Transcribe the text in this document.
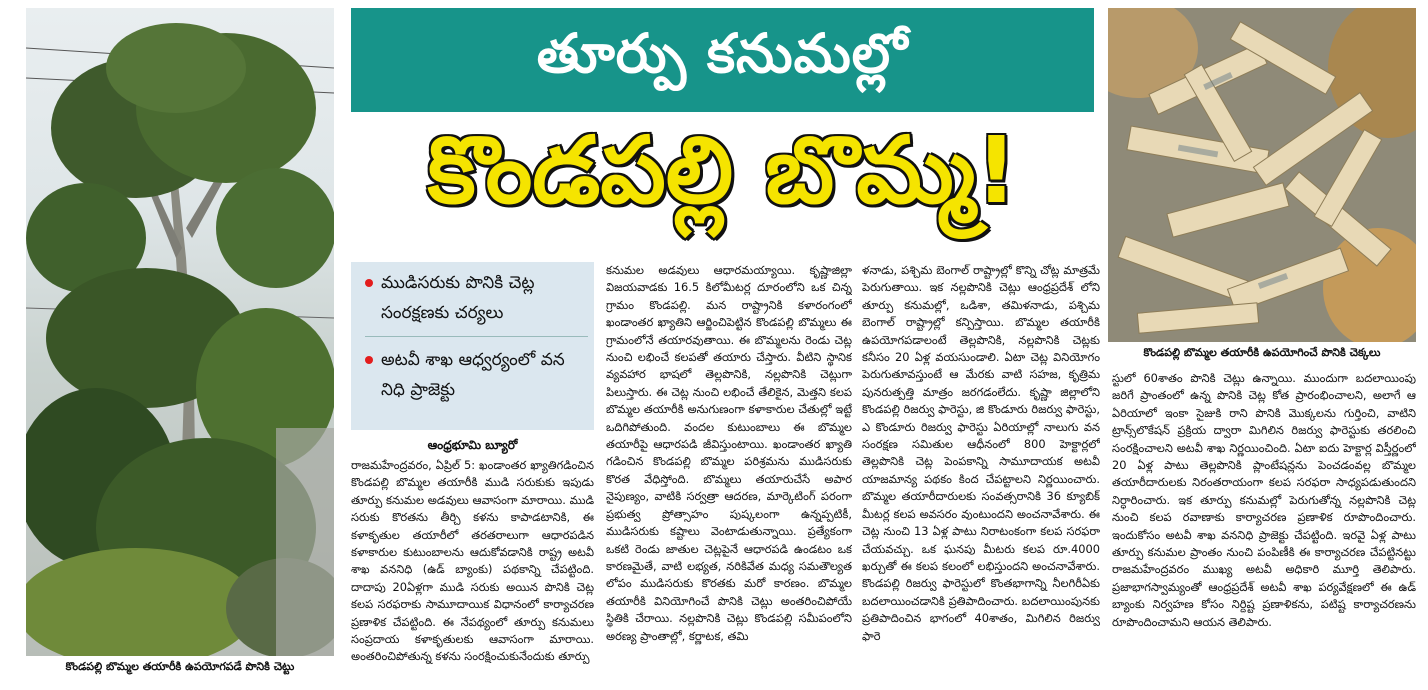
కొండపల్లి బొమ్మల తయారీకి ఉపయోగపడే పొనికి చెట్టు
తూర్పు కనుమల్లో
కొండపల్లి బొమ్మ!
కొండపల్లి బొమ్మల తయారీకి ఉపయోగించే పొనికి చెక్కలు
ముడిసరుకు పొనికి చెట్ల సంరక్షణకు చర్యలు
అటవీ శాఖ ఆధ్వర్యంలో వన నిధి ప్రాజెక్టు
ఆంధ్రభూమి బ్యూరో
రాజమహేంద్రవరం, ఏప్రిల్ 5: ఖండాంతర ఖ్యాతిగడించిన కొండపల్లి బొమ్మల తయారీకి ముడి సరుకుకు ఇపుడు తూర్పు కనుమల అడవులు ఆవాసంగా మారాయి. ముడి సరుకు కొరతను తీర్చి కళను కాపాడటానికి, ఈ కళాకృతుల తయారీలో తరతరాలుగా ఆధారపడిన కళాకారుల కుటుంబాలను ఆదుకోవడానికి రాష్ట్ర అటవీ శాఖ వననిధి (ఉడ్ బ్యాంకు) పథకాన్ని చేపట్టింది. దాదాపు 20ఏళ్లగా ముడి సరుకు అయిన పొనికి చెట్ల కలప సరఫరాకు సామూదాయిక విధానంలో కార్యాచరణ ప్రణాళిక చేపట్టింది. ఈ నేపథ్యంలో తూర్పు కనుమలు సంప్రదాయ కళాకృతులకు ఆవాసంగా మారాయి. అంతరించిపోతున్న కళను సంరక్షించుకునేందుకు తూర్పు
కనుమల అడవులు ఆధారమయ్యాయి. కృష్ణాజిల్లా విజయవాడకు 16.5 కిలోమీటర్ల దూరంలోని ఒక చిన్న గ్రామం కొండపల్లి. మన రాష్ట్రానికి కళారంగంలో ఖండాంతర ఖ్యాతిని ఆర్జించిపెట్టిన కొండపల్లి బొమ్మలు ఈ గ్రామంలోనే తయారవుతాయి. ఈ బొమ్మలను రెండు చెట్ల నుంచి లభించే కలపతో తయారు చేస్తారు. వీటిని స్థానిక వ్యవహార భాషలో తెల్లపొనికి, నల్లపొనికి చెట్లుగా పిలుస్తారు. ఈ చెట్ల నుంచి లభించే తేలికైన, మెత్తని కలప బొమ్మల తయారీకి అనుగుణంగా కళాకారుల చేతుల్లో ఇట్టే ఒదిగిపోతుంది. వందల కుటుంబాలు ఈ బొమ్మల తయారీపై ఆధారపడి జీవిస్తుంటాయి. ఖండాంతర ఖ్యాతి గడించిన కొండపల్లి బొమ్మల పరిశ్రమను ముడిసరుకు కొరత వేధిస్తోంది. బొమ్మలు తయారుచేసే అపార నైపుణ్యం, వాటికి సర్వత్రా ఆదరణ, మార్కెటింగ్ పరంగా ప్రభుత్వ ప్రోత్సాహం పుష్కలంగా ఉన్నప్పటికీ, ముడిసరుకు కష్టాలు వెంటాడుతున్నాయి. ప్రత్యేకంగా ఒకటి రెండు జాతుల చెట్లపైనే ఆధారపడి ఉండటం ఒక కారణమైతే, వాటి లభ్యత, నరికివేత మధ్య సమతౌల్యత లోపం ముడిసరుకు కొరతకు మరో కారణం. బొమ్మల తయారీకి వినియోగించే పొనికి చెట్లు అంతరించిపోయే స్థితికి చేరాయి. నల్లపొనికి చెట్లు కొండపల్లి సమీపంలోని అరణ్య ప్రాంతాల్లో, కర్ణాటక, తమి
ళనాడు, పశ్చిమ బెంగాల్ రాష్ట్రాల్లో కొన్ని చోట్ల మాత్రమే పెరుగుతాయి. ఇక నల్లపొనికి చెట్లు ఆంధ్రప్రదేశ్ లోని తూర్పు కనుమల్లో, ఒడిశా, తమిళనాడు, పశ్చిమ బెంగాల్ రాష్ట్రాల్లో కన్పిస్తాయి. బొమ్మల తయారీకి ఉపయోగపడాలంటే తెల్లపొనికి, నల్లపొనికి చెట్లకు కనీసం 20 ఏళ్ల వయసుండాలి. ఏటా చెట్ల వినియోగం పెరుగుతూవస్తుంటే ఆ మేరకు వాటి సహజ, కృత్రిమ పునరుత్పత్తి మాత్రం జరగడంలేదు. కృష్ణా జిల్లాలోని కొండపల్లి రిజర్వు ఫారెస్టు, జి కొండూరు రిజర్వు ఫారెస్టు, ఎ కొండూరు రిజర్వు ఫారెస్టు ఏరియాల్లో నాలుగు వన సంరక్షణ సమితుల ఆధీనంలో 800 హెక్టార్లలో తెల్లపొనికి చెట్ల పెంపకాన్ని సామూదాయక అటవీ యాజమాన్య పథకం కింద చేపట్టాలని నిర్ణయించారు. బొమ్మల తయారీదారులకు సంవత్సరానికి 36 క్యూబిక్ మీటర్ల కలప అవసరం వుంటుందని అంచనావేశారు. ఈ చెట్ల నుంచి 13 ఏళ్ల పాటు నిరాటంకంగా కలప సరఫరా చేయవచ్చు. ఒక ఘనపు మీటరు కలప రూ.4000 ఖర్చుతో ఈ కలప కలంలో లభిస్తుందని అంచనావేశారు. కొండపల్లి రిజర్వు ఫారెస్టులో కొంతభాగాన్ని నీలగిరీఏకు బదలాయించడానికి ప్రతిపాదించారు. బదలాయింపునకు ప్రతిపాదించిన భాగంలో 40శాతం, మిగిలిన రిజర్వు ఫారె
స్టులో 60శాతం పొనికి చెట్లు ఉన్నాయి. ముందుగా బదలాయింపు జరిగే ప్రాంతంలో ఉన్న పొనికి చెట్ల కోత ప్రారంభించాలని, అలాగే ఆ ఏరియాలో ఇంకా సైజుకి రాని పొనికి మొక్కలను గుర్తించి, వాటిని ట్రాన్స్‌లొకేషన్ ప్రక్రియ ద్వారా మిగిలిన రిజర్వు ఫారెస్టుకు తరలించి సంరక్షించాలని అటవీ శాఖ నిర్ణయించింది. ఏటా ఐదు హెక్టార్ల విస్తీర్ణంలో 20 ఏళ్ల పాటు తెల్లపొనికి ప్లాంటేషన్లను పెంచడంవల్ల బొమ్మల తయారీదారులకు నిరంతరాయంగా కలప సరఫరా సాధ్యపడుతుందని నిర్ధారించారు. ఇక తూర్పు కనుమల్లో పెరుగుతోన్న నల్లపొనికి చెట్ల నుంచి కలప రవాణాకు కార్యాచరణ ప్రణాళిక రూపొందించారు. ఇందుకోసం అటవీ శాఖ వననిధి ప్రాజెక్టు చేపట్టింది. ఇరవై ఏళ్ల పాటు తూర్పు కనుమల ప్రాంతం నుంచి పంపిణీకి ఈ కార్యాచరణ చేపట్టినట్టు రాజమహేంద్రవరం ముఖ్య అటవీ అధికారి మూర్తి తెలిపారు. ప్రజాభాగస్వామ్యంతో ఆంధ్రప్రదేశ్ అటవీ శాఖ పర్యవేక్షణలో ఈ ఉడ్ బ్యాంకు నిర్వహణ కోసం నిర్దిష్ట ప్రణాళికను, పటిష్ట కార్యాచరణను రూపొందించామని ఆయన తెలిపారు.
